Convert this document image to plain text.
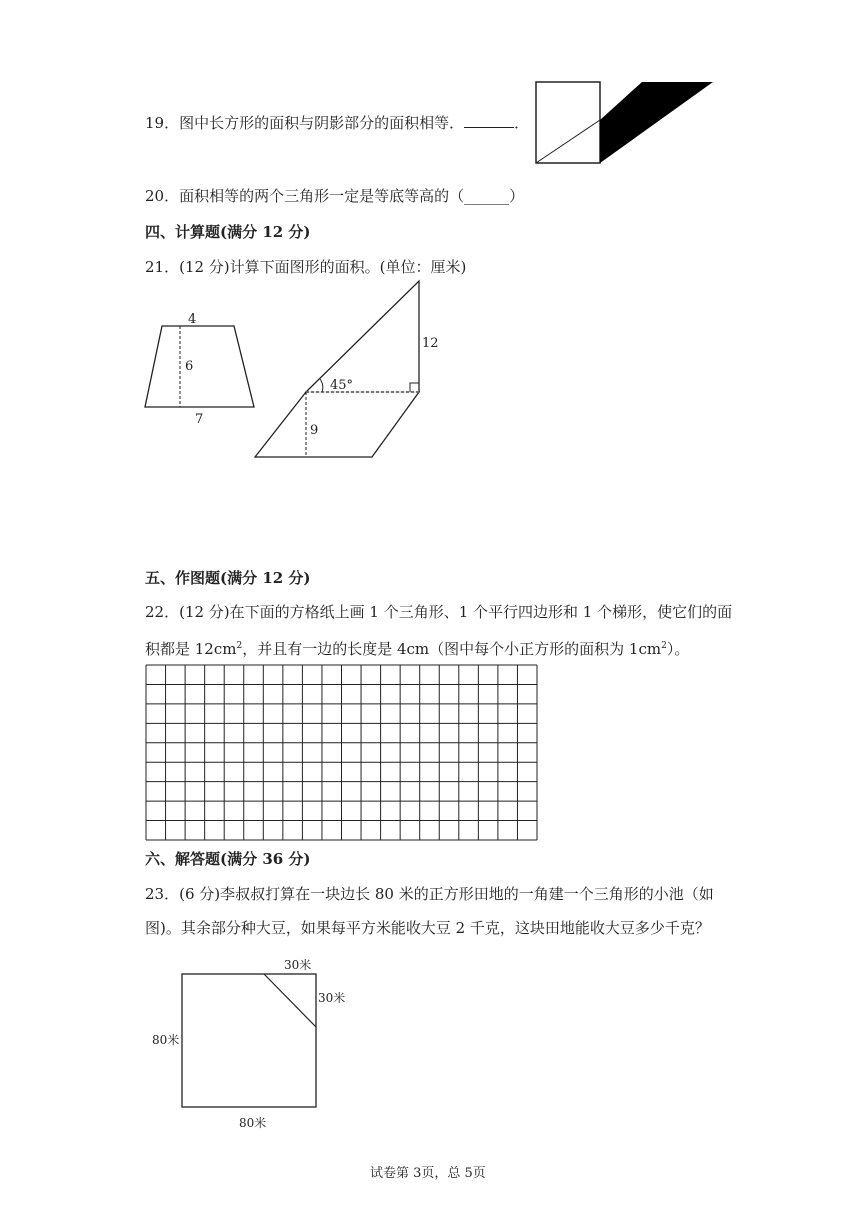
19．图中长方形的面积与阴影部分的面积相等．	．
20．面积相等的两个三角形一定是等底等高的（______）
四、计算题(满分 12 分)
21．(12 分)计算下面图形的面积。(单位：厘米)
4
6
7
12
45°
9
五、作图题(满分 12 分)
22．(12 分)在下面的方格纸上画 1 个三角形、1 个平行四边形和 1 个梯形，使它们的面
积都是 $12cm^2$，并且有一边的长度是 4cm（图中每个小正方形的面积为 $1cm^2$）。
六、解答题(满分 36 分)
23．(6 分)李叔叔打算在一块边长 80 米的正方形田地的一角建一个三角形的小池（如
图)。其余部分种大豆，如果每平方米能收大豆 2 千克，这块田地能收大豆多少千克？
30米
30米
80米
80米
试卷第 3页，总 5页
